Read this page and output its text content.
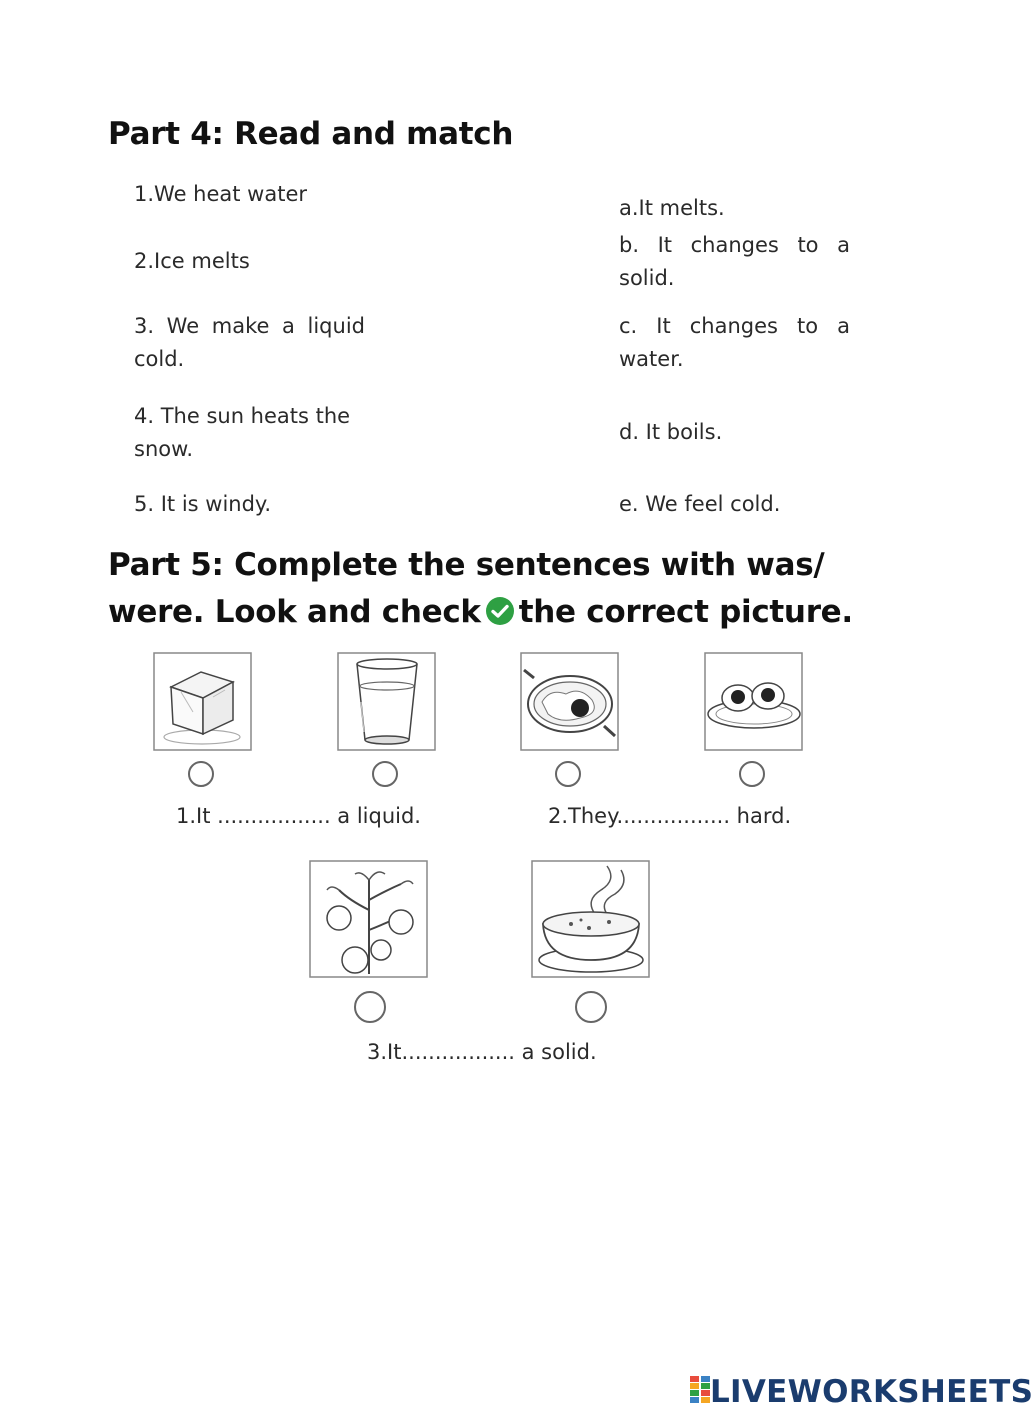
Part 4: Read and match
1.We heat water
2.Ice melts
3. We make a liquid cold.
4. The sun heats the snow.
5. It is windy.
a.It melts.
b. It changes to a solid.
c. It changes to a water.
d. It boils.
e. We feel cold.
Part 5: Complete the sentences with was/
were. Look and check the correct picture.
1.It ................. a liquid.	2.They................. hard.
3.It................. a solid.
LIVEWORKSHEETS
